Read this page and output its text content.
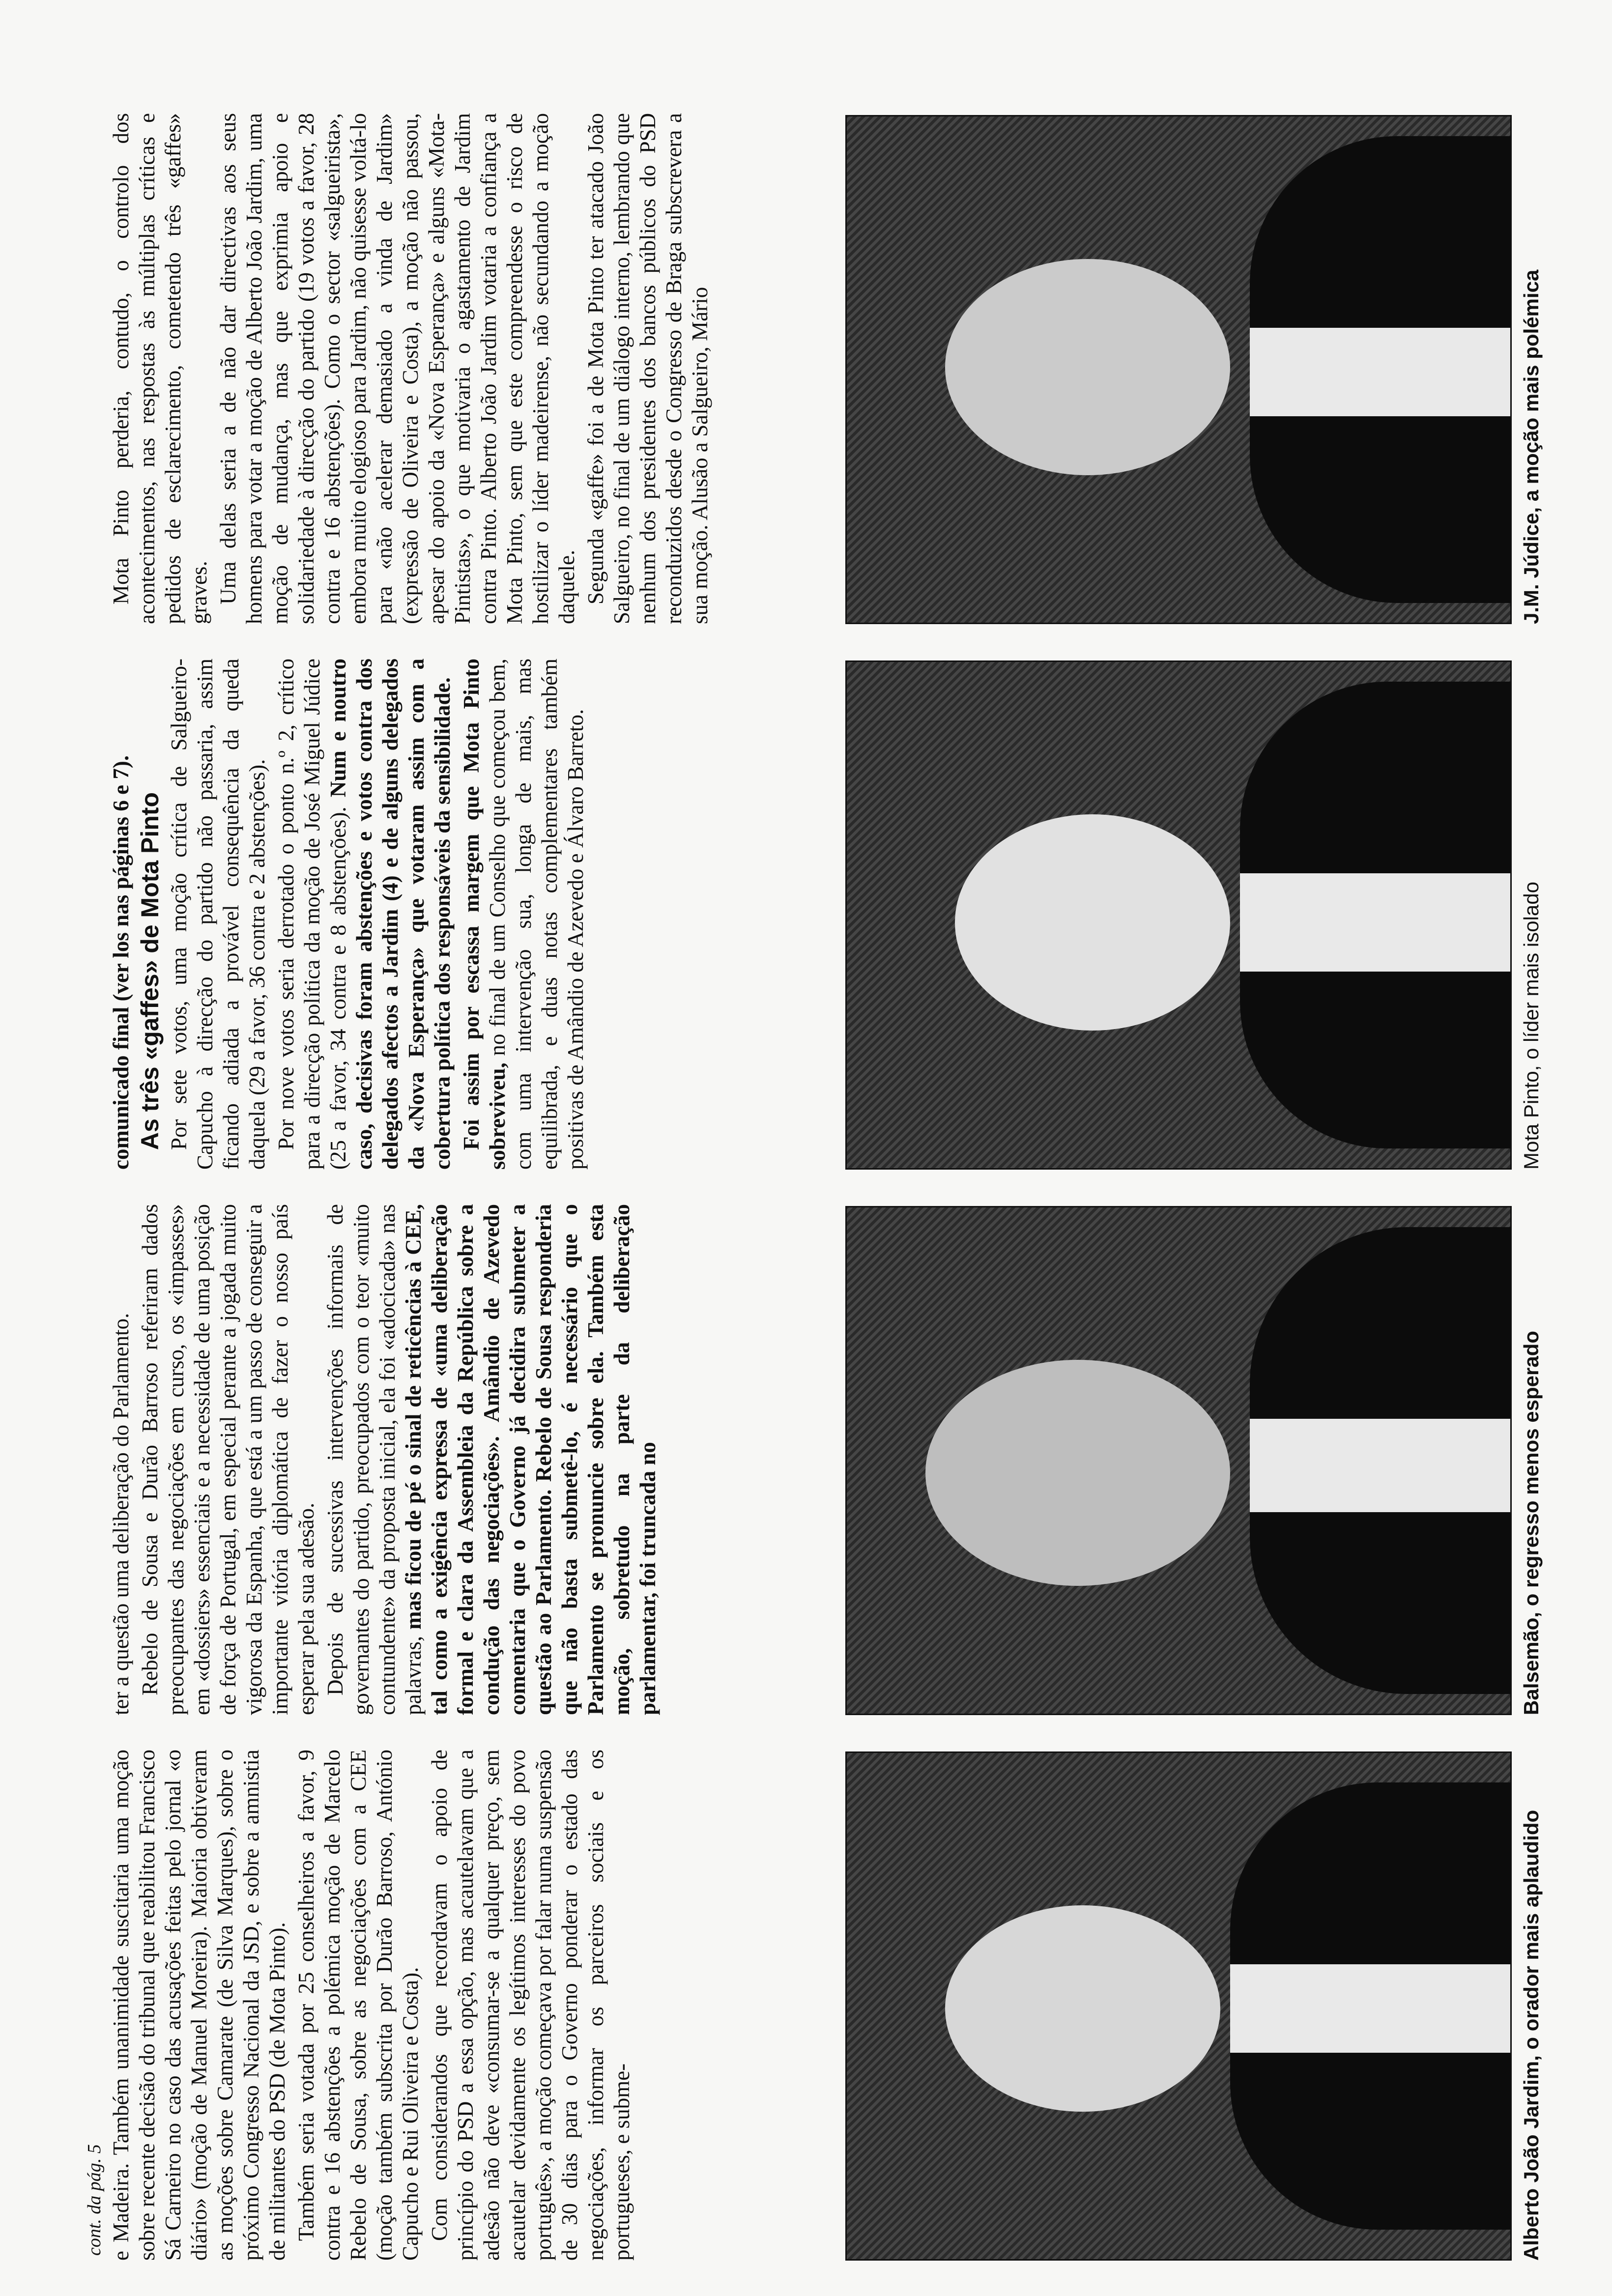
cont. da pág. 5 e Madeira. Também unanimidade suscitaria uma moção sobre recente decisão do tribunal que reabilitou Francisco Sá Carneiro no caso das acusações feitas pelo jornal «o diário» (moção de Manuel Moreira). Maioria obtiveram as moções sobre Camarate (de Silva Marques), sobre o próximo Congresso Nacional da JSD, e sobre a amnistia de militantes do PSD (de Mota Pinto). Também seria votada por 25 conselheiros a favor, 9 contra e 16 abstenções a polémica moção de Marcelo Rebelo de Sousa, sobre as negociações com a CEE (moção também subscrita por Durão Barroso, António Capucho e Rui Oliveira e Costa). Com considerandos que recordavam o apoio de princípio do PSD a essa opção, mas acautelavam que a adesão não deve «consumar-se a qualquer preço, sem acautelar devidamente os legítimos interesses do povo português», a moção começava por falar numa suspensão de 30 dias para o Governo ponderar o estado das negociações, informar os parceiros sociais e os portugueses, e subme-

ter a questão uma deliberação do Parlamento. Rebelo de Sousa e Durão Barroso referiram dados preocupantes das negociações em curso, os «impasses» em «dossiers» essenciais e a necessidade de uma posição de força de Portugal, em especial perante a jogada muito vigorosa da Espanha, que está a um passo de conseguir a importante vitória diplomática de fazer o nosso país esperar pela sua adesão. Depois de sucessivas intervenções informais de governantes do partido, preocupados com o teor «muito contundente» da proposta inicial, ela foi «adocicada» nas palavras, mas ficou de pé o sinal de reticências à CEE, tal como a exigência expressa de «uma deliberação formal e clara da Assembleia da República sobre a condução das negociações». Amândio de Azevedo comentaria que o Governo já decidira submeter a questão ao Parlamento. Rebelo de Sousa responderia que não basta submetê-lo, é necessário que o Parlamento se pronuncie sobre ela. Também esta moção, sobretudo na parte da deliberação parlamentar, foi truncada no

comunicado final (ver los nas páginas 6 e 7). As três «gaffes» de Mota Pinto Por sete votos, uma moção crítica de Salgueiro-Capucho à direcção do partido não passaria, assim ficando adiada a provável consequência da queda daquela (29 a favor, 36 contra e 2 abstenções). Por nove votos seria derrotado o ponto n.º 2, crítico para a direcção política da moção de José Miguel Júdice (25 a favor, 34 contra e 8 abstenções). Num e noutro caso, decisivas foram abstenções e votos contra dos delegados afectos a Jardim (4) e de alguns delegados da «Nova Esperança» que votaram assim com a cobertura política dos responsáveis da sensibilidade. Foi assim por escassa margem que Mota Pinto sobreviveu, no final de um Conselho que começou bem, com uma intervenção sua, longa de mais, mas equilibrada, e duas notas complementares também positivas de Amândio de Azevedo e Álvaro Barreto.

Mota Pinto perderia, contudo, o controlo dos acontecimentos, nas respostas às múltiplas críticas e pedidos de esclarecimento, cometendo três «gaffes» graves. Uma delas seria a de não dar directivas aos seus homens para votar a moção de Alberto João Jardim, uma moção de mudança, mas que exprimia apoio e solidariedade à direcção do partido (19 votos a favor, 28 contra e 16 abstenções). Como o sector «salgueirista», embora muito elogioso para Jardim, não quisesse voltá-lo para «não acelerar demasiado a vinda de Jardim» (expressão de Oliveira e Costa), a moção não passou, apesar do apoio da «Nova Esperança» e alguns «Mota-Pintistas», o que motivaria o agastamento de Jardim contra Pinto. Alberto João Jardim votaria a confiança a Mota Pinto, sem que este compreendesse o risco de hostilizar o líder madeirense, não secundando a moção daquele. Segunda «gaffe» foi a de Mota Pinto ter atacado João Salgueiro, no final de um diálogo interno, lembrando que nenhum dos presidentes dos bancos públicos do PSD reconduzidos desde o Congresso de Braga subscrevera a sua moção. Alusão a Salgueiro, Mário

Alberto João Jardim, o orador mais aplaudido
Balsemão, o regresso menos esperado
Mota Pinto, o líder mais isolado
J.M. Júdice, a moção mais polémica
